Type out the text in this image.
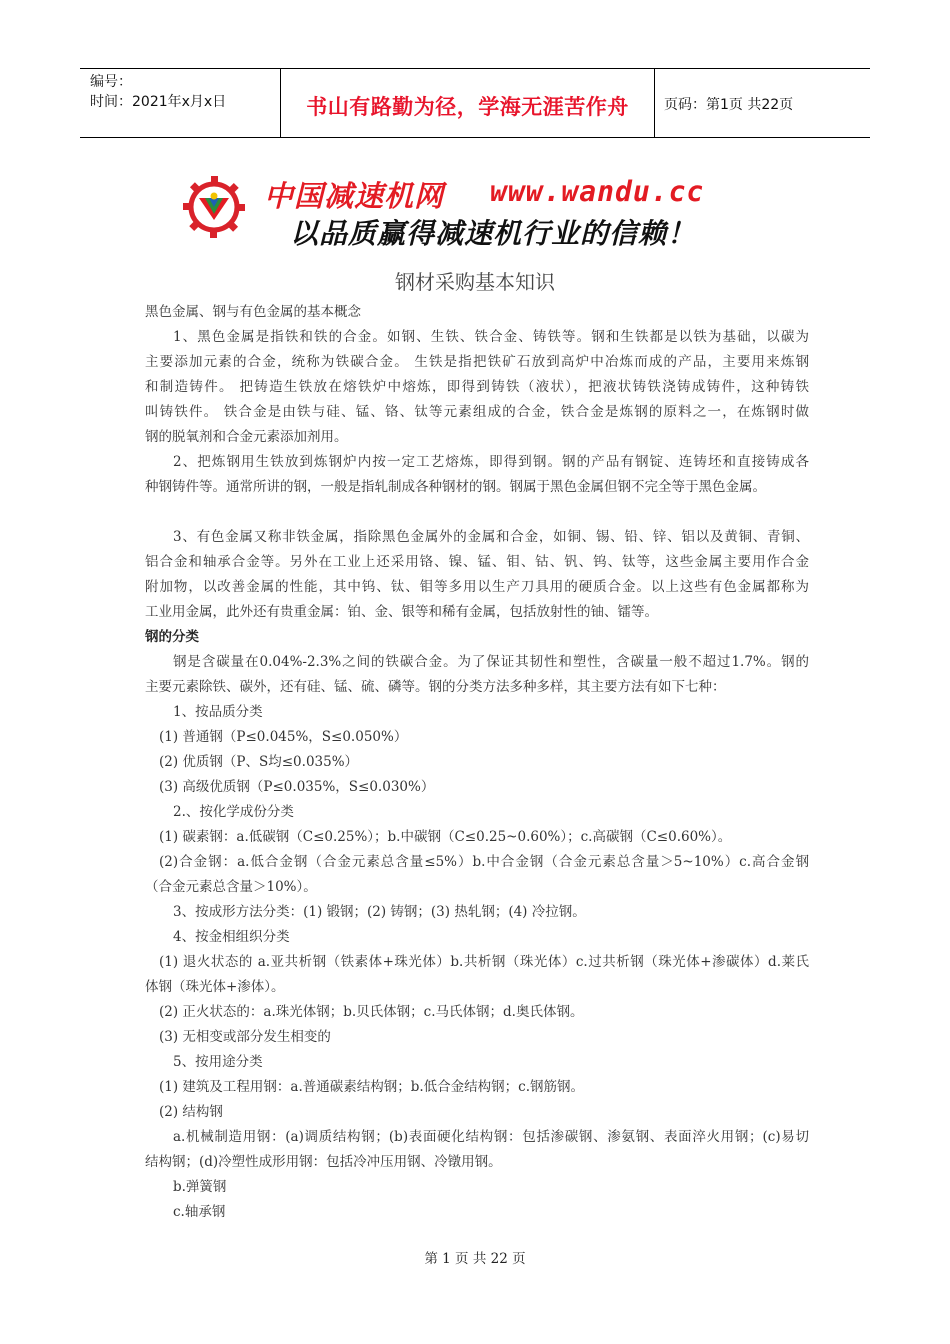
编号：
时间：2021年x月x日	书山有路勤为径，学海无涯苦作舟	页码：第1页 共22页
中国减速机网 www.wandu.cc
以品质赢得减速机行业的信赖！
钢材采购基本知识
黑色金属、钢与有色金属的基本概念
1、黑色金属是指铁和铁的合金。如钢、生铁、铁合金、铸铁等。钢和生铁都是以铁为基础，以碳为
主要添加元素的合金，统称为铁碳合金。 生铁是指把铁矿石放到高炉中冶炼而成的产品，主要用来炼钢
和制造铸件。 把铸造生铁放在熔铁炉中熔炼，即得到铸铁（液状），把液状铸铁浇铸成铸件，这种铸铁
叫铸铁件。 铁合金是由铁与硅、锰、铬、钛等元素组成的合金，铁合金是炼钢的原料之一，在炼钢时做
钢的脱氧剂和合金元素添加剂用。
2、把炼钢用生铁放到炼钢炉内按一定工艺熔炼，即得到钢。钢的产品有钢锭、连铸坯和直接铸成各
种钢铸件等。通常所讲的钢，一般是指轧制成各种钢材的钢。钢属于黑色金属但钢不完全等于黑色金属。
3、有色金属又称非铁金属，指除黑色金属外的金属和合金，如铜、锡、铅、锌、铝以及黄铜、青铜、
铝合金和轴承合金等。另外在工业上还采用铬、镍、锰、钼、钴、钒、钨、钛等，这些金属主要用作合金
附加物，以改善金属的性能，其中钨、钛、钼等多用以生产刀具用的硬质合金。以上这些有色金属都称为
工业用金属，此外还有贵重金属：铂、金、银等和稀有金属，包括放射性的铀、镭等。
钢的分类
钢是含碳量在0.04%-2.3%之间的铁碳合金。为了保证其韧性和塑性，含碳量一般不超过1.7%。钢的
主要元素除铁、碳外，还有硅、锰、硫、磷等。钢的分类方法多种多样，其主要方法有如下七种：
1、按品质分类
(1) 普通钢（P≤0.045%，S≤0.050%）
(2) 优质钢（P、S均≤0.035%）
(3) 高级优质钢（P≤0.035%，S≤0.030%）
2.、按化学成份分类
(1) 碳素钢：a.低碳钢（C≤0.25%）；b.中碳钢（C≤0.25~0.60%）；c.高碳钢（C≤0.60%）。
(2)合金钢：a.低合金钢（合金元素总含量≤5%）b.中合金钢（合金元素总含量＞5~10%）c.高合金钢
（合金元素总含量＞10%）。
3、按成形方法分类：(1) 锻钢；(2) 铸钢；(3) 热轧钢；(4) 冷拉钢。
4、按金相组织分类
(1) 退火状态的 a.亚共析钢（铁素体+珠光体）b.共析钢（珠光体）c.过共析钢（珠光体+渗碳体）d.莱氏
体钢（珠光体+渗体）。
(2) 正火状态的：a.珠光体钢；b.贝氏体钢；c.马氏体钢；d.奥氏体钢。
(3) 无相变或部分发生相变的
5、按用途分类
(1) 建筑及工程用钢：a.普通碳素结构钢；b.低合金结构钢；c.钢筋钢。
(2) 结构钢
a.机械制造用钢：(a)调质结构钢；(b)表面硬化结构钢：包括渗碳钢、渗氨钢、表面淬火用钢；(c)易切
结构钢；(d)冷塑性成形用钢：包括冷冲压用钢、冷镦用钢。
b.弹簧钢
c.轴承钢
第 1 页 共 22 页
